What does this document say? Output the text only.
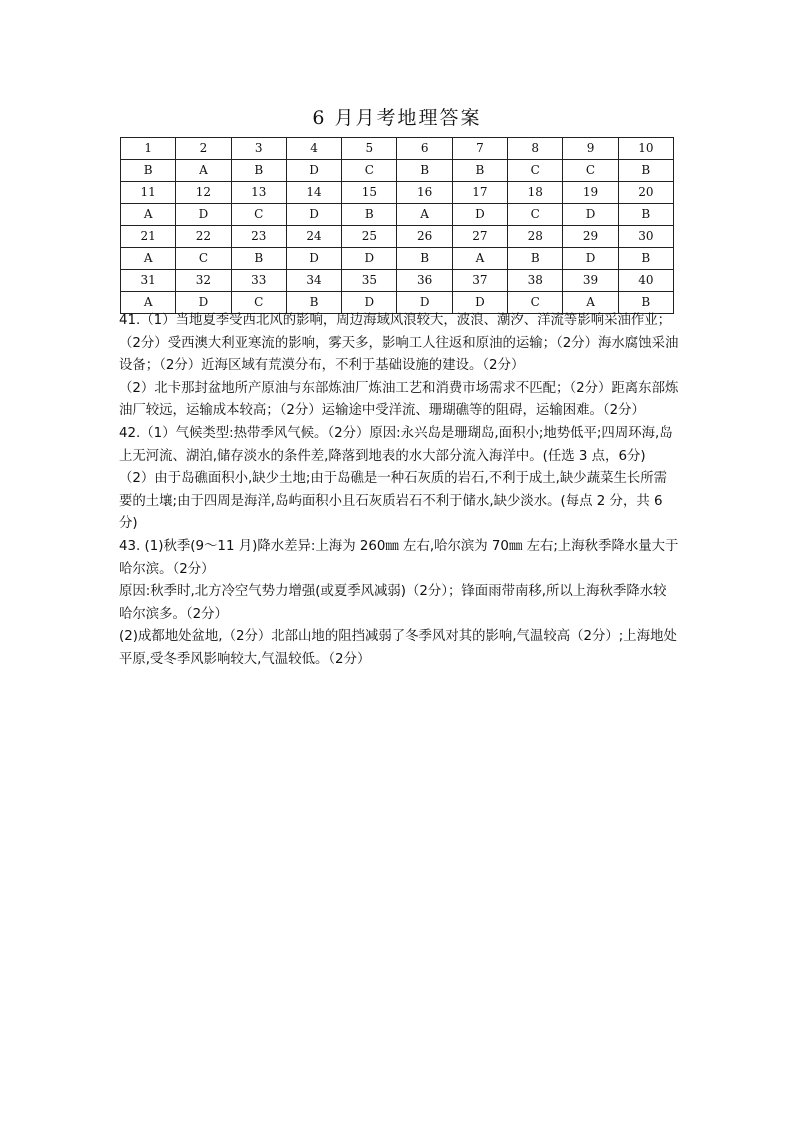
6 月月考地理答案
1	2	3	4	5	6	7	8	9	10
B	A	B	D	C	B	B	C	C	B
11	12	13	14	15	16	17	18	19	20
A	D	C	D	B	A	D	C	D	B
21	22	23	24	25	26	27	28	29	30
A	C	B	D	D	B	A	B	D	B
31	32	33	34	35	36	37	38	39	40
A	D	C	B	D	D	D	C	A	B

41.（1）当地夏季受西北风的影响，周边海域风浪较大，波浪、潮汐、洋流等影响采油作业；（2分）受西澳大利亚寒流的影响，雾天多，影响工人往返和原油的运输；（2分）海水腐蚀采油设备；（2分）近海区域有荒漠分布，不利于基础设施的建设。（2分）

（2）北卡那封盆地所产原油与东部炼油厂炼油工艺和消费市场需求不匹配；（2分）距离东部炼油厂较远，运输成本较高；（2分）运输途中受洋流、珊瑚礁等的阻碍，运输困难。（2分）

42.（1）气候类型:热带季风气候。（2分）原因:永兴岛是珊瑚岛,面积小;地势低平;四周环海,岛上无河流、湖泊,储存淡水的条件差,降落到地表的水大部分流入海洋中。(任选 3 点，6分)

（2）由于岛礁面积小,缺少土地;由于岛礁是一种石灰质的岩石,不利于成土,缺少蔬菜生长所需要的土壤;由于四周是海洋,岛屿面积小且石灰质岩石不利于储水,缺少淡水。(每点 2 分，共 6分)

43. (1)秋季(9～11 月)降水差异:上海为 260㎜ 左右,哈尔滨为 70㎜ 左右;上海秋季降水量大于哈尔滨。（2分）

原因:秋季时,北方冷空气势力增强(或夏季风减弱)（2分）；锋面雨带南移,所以上海秋季降水较哈尔滨多。（2分）

(2)成都地处盆地,（2分）北部山地的阻挡减弱了冬季风对其的影响,气温较高（2分）;上海地处平原,受冬季风影响较大,气温较低。（2分）
